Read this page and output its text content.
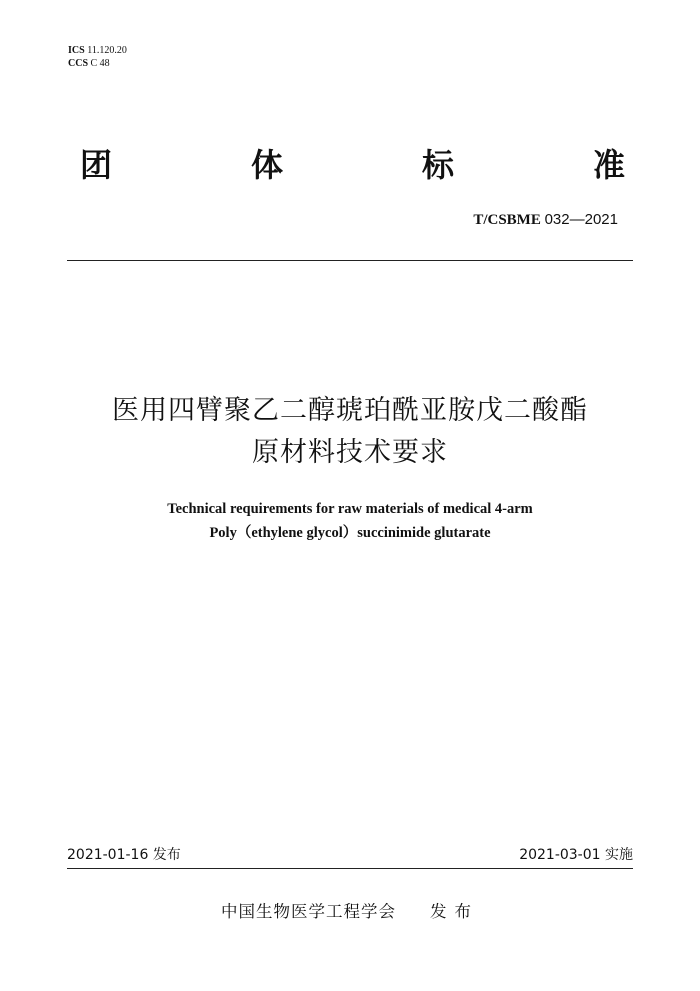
ICS 11.120.20
CCS C 48
团	体	标	准
T/CSBME 032—2021
医用四臂聚乙二醇琥珀酰亚胺戊二酸酯
原材料技术要求
Technical requirements for raw materials of medical 4-arm
Poly（ethylene glycol）succinimide glutarate
2021-01-16 发布	2021-03-01 实施
中国生物医学工程学会 发布
